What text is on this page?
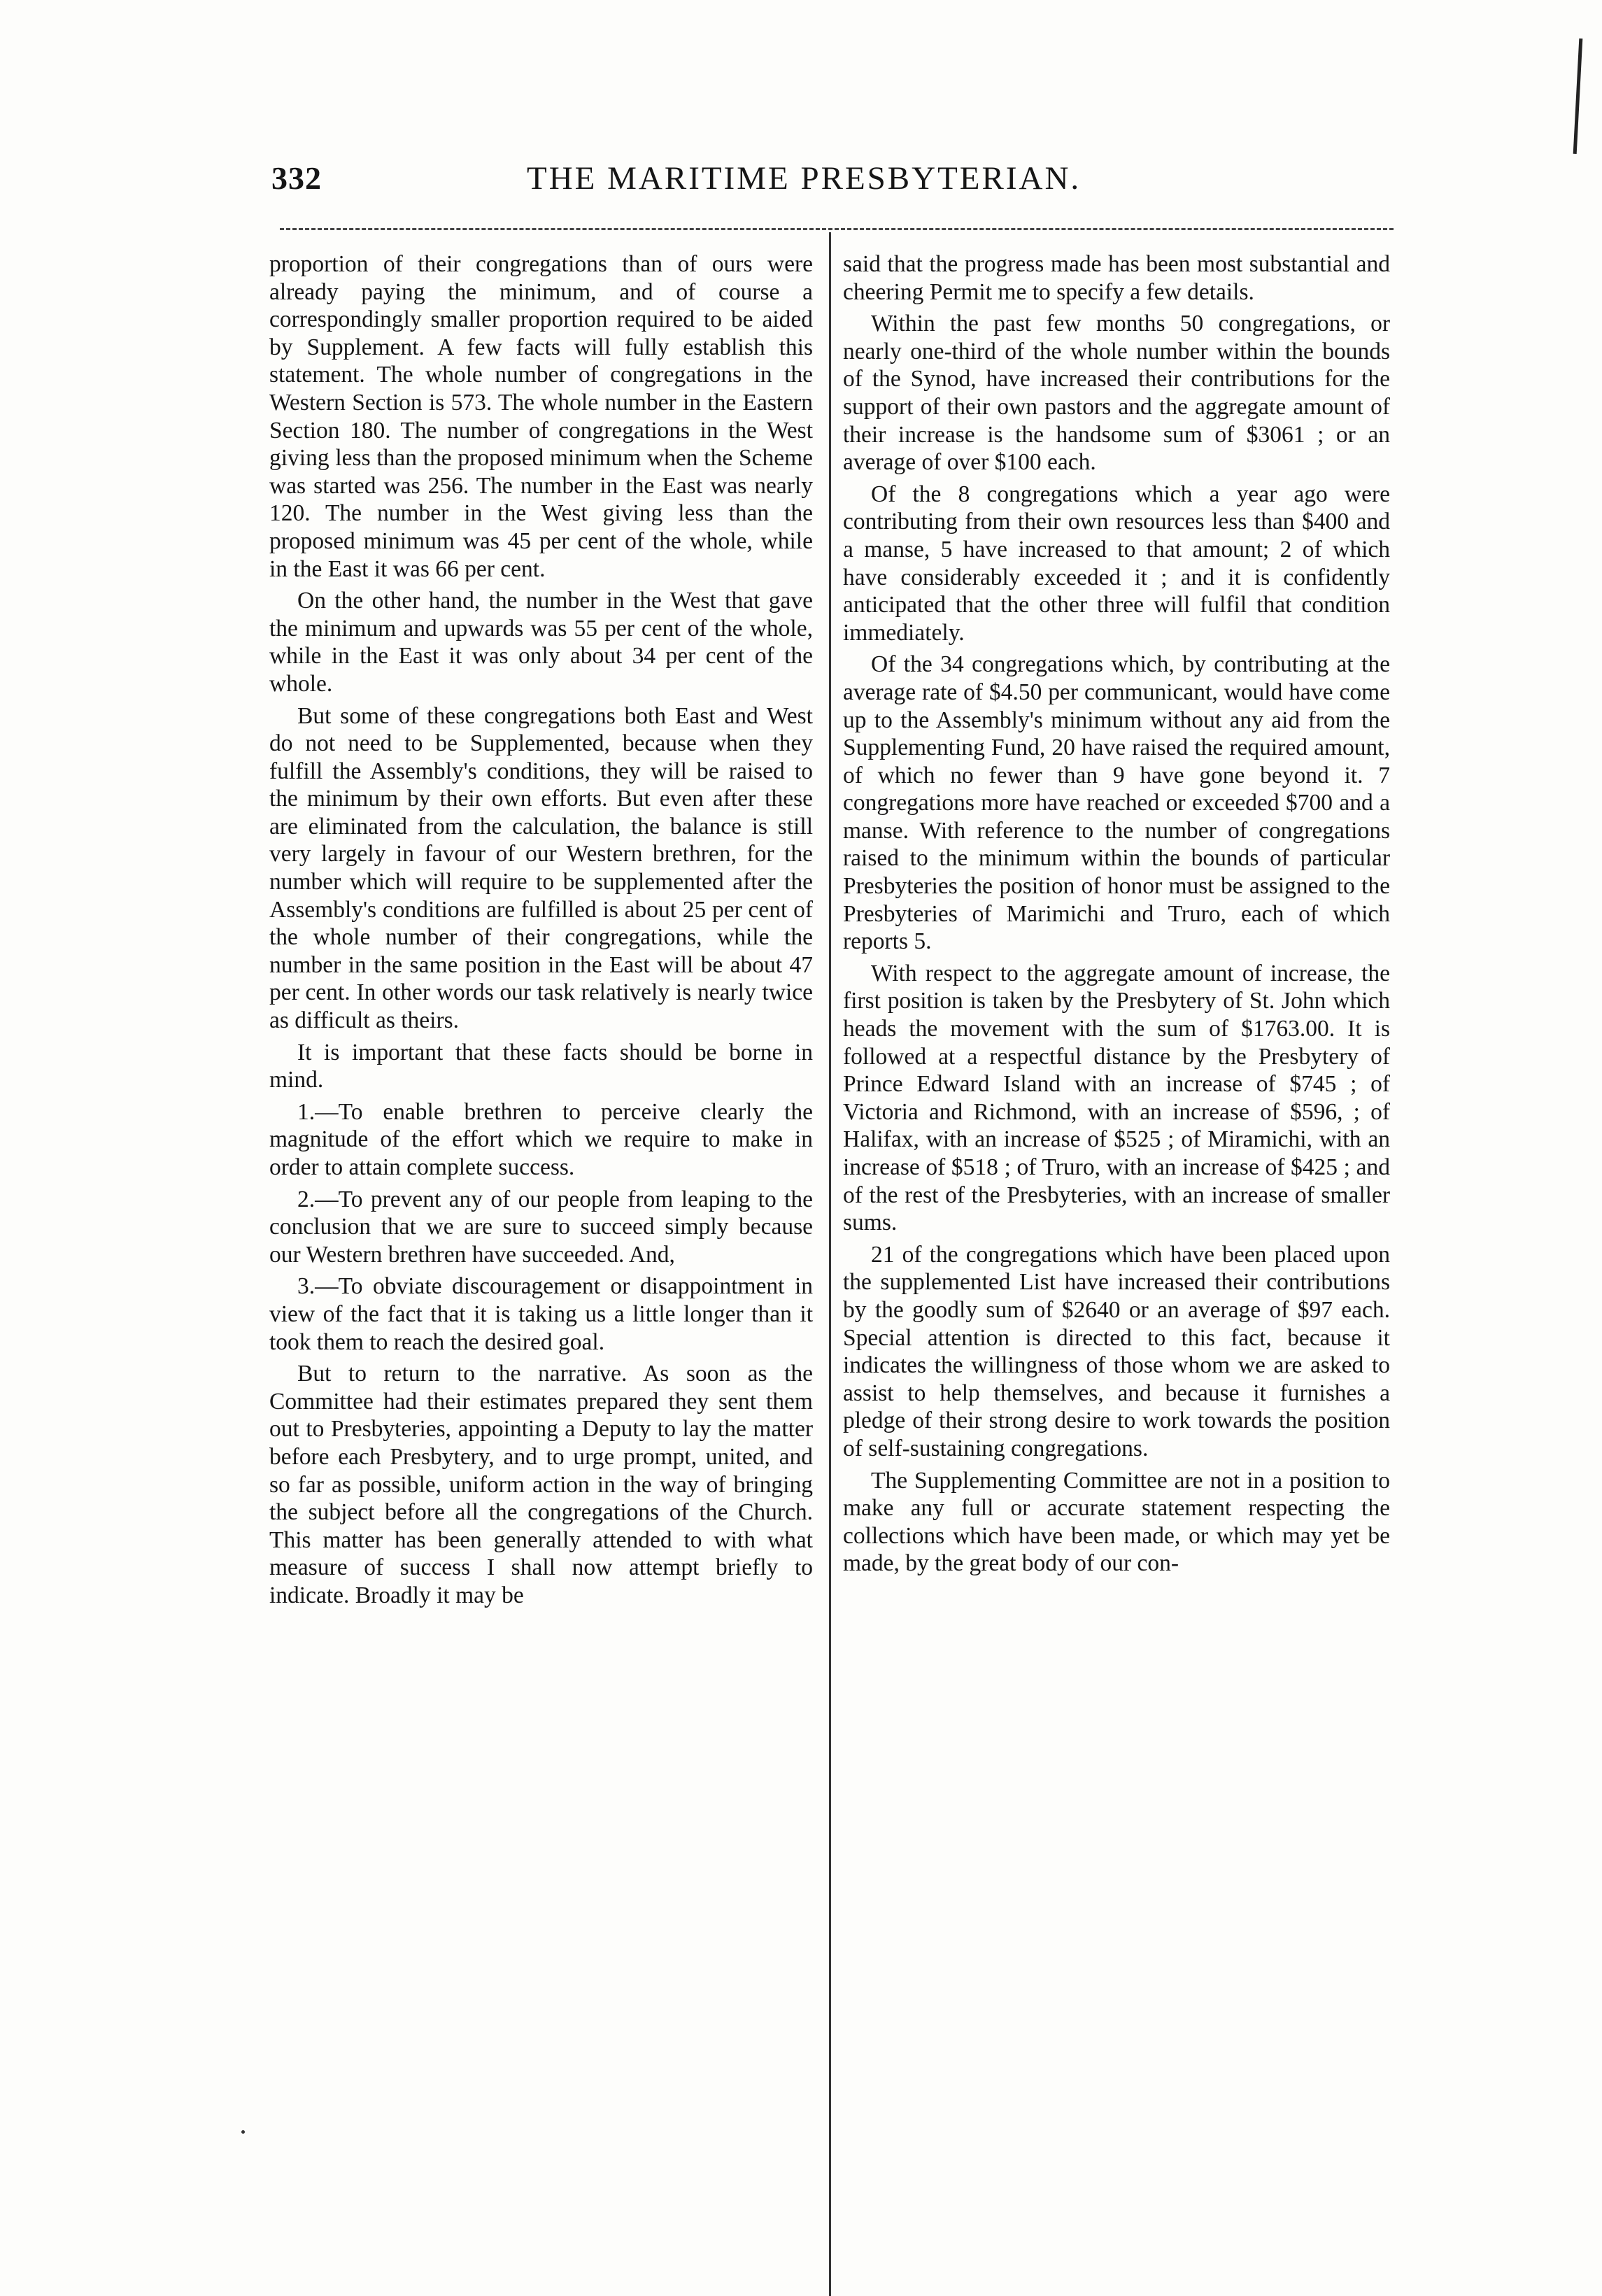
332	THE MARITIME PRESBYTERIAN.

proportion of their congregations than of ours were already paying the minimum, and of course a correspondingly smaller proportion required to be aided by Supplement. A few facts will fully establish this statement. The whole number of congregations in the Western Section is 573. The whole number in the Eastern Section 180. The number of congregations in the West giving less than the proposed minimum when the Scheme was started was 256. The number in the East was nearly 120. The number in the West giving less than the proposed minimum was 45 per cent of the whole, while in the East it was 66 per cent.

On the other hand, the number in the West that gave the minimum and upwards was 55 per cent of the whole, while in the East it was only about 34 per cent of the whole.

But some of these congregations both East and West do not need to be Supplemented, because when they fulfill the Assembly's conditions, they will be raised to the minimum by their own efforts. But even after these are eliminated from the calculation, the balance is still very largely in favour of our Western brethren, for the number which will require to be supplemented after the Assembly's conditions are fulfilled is about 25 per cent of the whole number of their congregations, while the number in the same position in the East will be about 47 per cent. In other words our task relatively is nearly twice as difficult as theirs.

It is important that these facts should be borne in mind.

1.—To enable brethren to perceive clearly the magnitude of the effort which we require to make in order to attain complete success.

2.—To prevent any of our people from leaping to the conclusion that we are sure to succeed simply because our Western brethren have succeeded. And,

3.—To obviate discouragement or disappointment in view of the fact that it is taking us a little longer than it took them to reach the desired goal.

But to return to the narrative. As soon as the Committee had their estimates prepared they sent them out to Presbyteries, appointing a Deputy to lay the matter before each Presbytery, and to urge prompt, united, and so far as possible, uniform action in the way of bringing the subject before all the congregations of the Church. This matter has been generally attended to with what measure of success I shall now attempt briefly to indicate. Broadly it may be

said that the progress made has been most substantial and cheering Permit me to specify a few details.

Within the past few months 50 congregations, or nearly one-third of the whole number within the bounds of the Synod, have increased their contributions for the support of their own pastors and the aggregate amount of their increase is the handsome sum of $3061 ; or an average of over $100 each.

Of the 8 congregations which a year ago were contributing from their own resources less than $400 and a manse, 5 have increased to that amount; 2 of which have considerably exceeded it ; and it is confidently anticipated that the other three will fulfil that condition immediately.

Of the 34 congregations which, by contributing at the average rate of $4.50 per communicant, would have come up to the Assembly's minimum without any aid from the Supplementing Fund, 20 have raised the required amount, of which no fewer than 9 have gone beyond it. 7 congregations more have reached or exceeded $700 and a manse. With reference to the number of congregations raised to the minimum within the bounds of particular Presbyteries the position of honor must be assigned to the Presbyteries of Marimichi and Truro, each of which reports 5.

With respect to the aggregate amount of increase, the first position is taken by the Presbytery of St. John which heads the movement with the sum of $1763.00. It is followed at a respectful distance by the Presbytery of Prince Edward Island with an increase of $745 ; of Victoria and Richmond, with an increase of $596, ; of Halifax, with an increase of $525 ; of Miramichi, with an increase of $518 ; of Truro, with an increase of $425 ; and of the rest of the Presbyteries, with an increase of smaller sums.

21 of the congregations which have been placed upon the supplemented List have increased their contributions by the goodly sum of $2640 or an average of $97 each. Special attention is directed to this fact, because it indicates the willingness of those whom we are asked to assist to help themselves, and because it furnishes a pledge of their strong desire to work towards the position of self-sustaining congregations.

The Supplementing Committee are not in a position to make any full or accurate statement respecting the collections which have been made, or which may yet be made, by the great body of our con-
